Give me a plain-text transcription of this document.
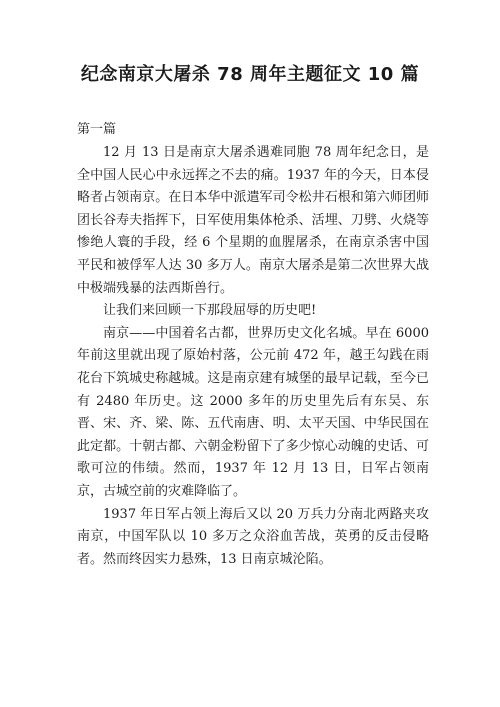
纪念南京大屠杀 78 周年主题征文 10 篇
第一篇

12 月 13 日是南京大屠杀遇难同胞 78 周年纪念日，是全中国人民心中永远挥之不去的痛。1937 年的今天，日本侵略者占领南京。在日本华中派遣军司令松井石根和第六师团师团长谷寿夫指挥下，日军使用集体枪杀、活埋、刀劈、火烧等惨绝人寰的手段，经 6 个星期的血腥屠杀，在南京杀害中国平民和被俘军人达 30 多万人。南京大屠杀是第二次世界大战中极端残暴的法西斯兽行。

让我们来回顾一下那段屈辱的历史吧!

南京——中国着名古都，世界历史文化名城。早在 6000 年前这里就出现了原始村落，公元前 472 年，越王勾践在雨花台下筑城史称越城。这是南京建有城堡的最早记载，至今已有 2480 年历史。这 2000 多年的历史里先后有东吴、东晋、宋、齐、梁、陈、五代南唐、明、太平天国、中华民国在此定都。十朝古都、六朝金粉留下了多少惊心动魄的史话、可歌可泣的伟绩。然而，1937 年 12 月 13 日，日军占领南京，古城空前的灾难降临了。

1937 年日军占领上海后又以 20 万兵力分南北两路夹攻南京，中国军队以 10 多万之众浴血苦战，英勇的反击侵略者。然而终因实力悬殊，13 日南京城沦陷。
